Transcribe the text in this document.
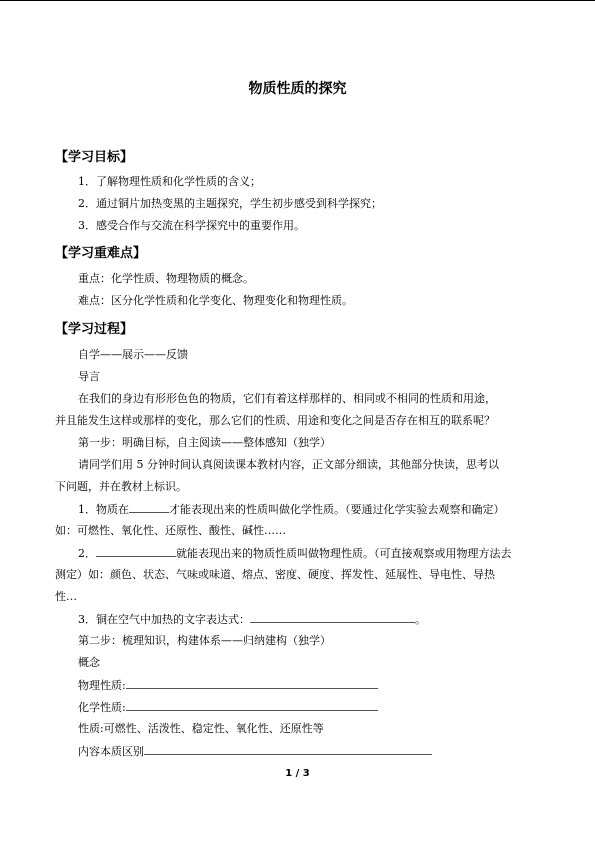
物质性质的探究
【学习目标】
1．了解物理性质和化学性质的含义；
2．通过铜片加热变黑的主题探究，学生初步感受到科学探究；
3．感受合作与交流在科学探究中的重要作用。
【学习重难点】
重点：化学性质、物理物质的概念。
难点：区分化学性质和化学变化、物理变化和物理性质。
【学习过程】
自学——展示——反馈
导言
在我们的身边有形形色色的物质，它们有着这样那样的、相同或不相同的性质和用途，
并且能发生这样或那样的变化，那么它们的性质、用途和变化之间是否存在相互的联系呢？
第一步：明确目标，自主阅读——整体感知（独学）
请同学们用 5 分钟时间认真阅读课本教材内容，正文部分细读，其他部分快读，思考以
下问题，并在教材上标识。
1．物质在	才能表现出来的性质叫做化学性质。（要通过化学实验去观察和确定）
如：可燃性、氧化性、还原性、酸性、碱性……
2．	就能表现出来的物质性质叫做物理性质。（可直接观察或用物理方法去
测定）如：颜色、状态、气味或味道、熔点、密度、硬度、挥发性、延展性、导电性、导热
性…
3．铜在空气中加热的文字表达式：	。
第二步：梳理知识，构建体系——归纳建构（独学）
概念
物理性质:
化学性质:
性质:可燃性、活泼性、稳定性、氧化性、还原性等
内容本质区别
1 / 3
